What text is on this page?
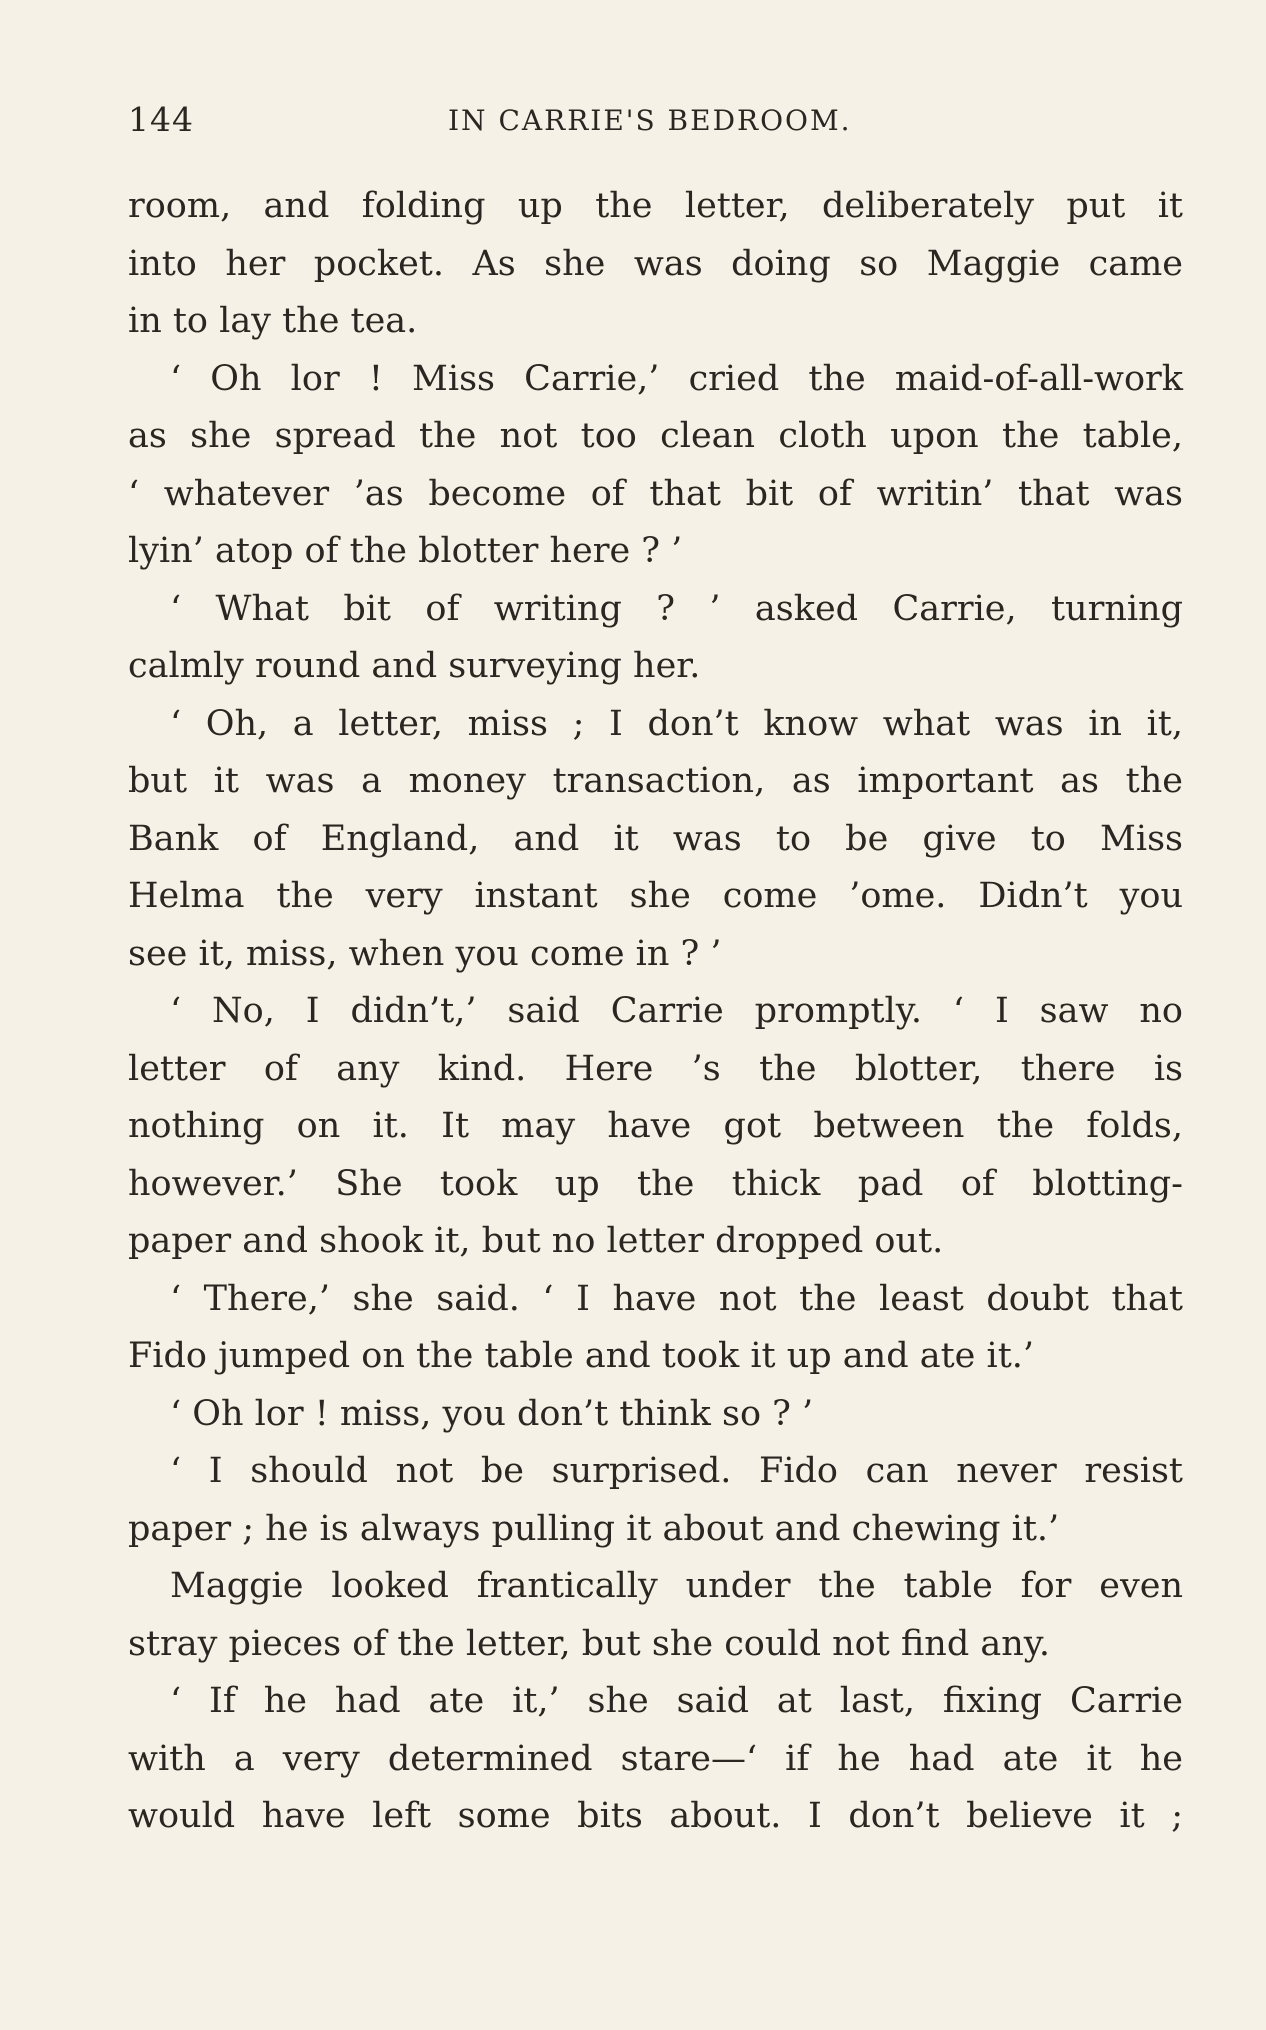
144	IN CARRIE'S BEDROOM.
room, and folding up the letter, deliberately put it
into her pocket. As she was doing so Maggie came
in to lay the tea.
‘ Oh lor ! Miss Carrie,’ cried the maid-of-all-work
as she spread the not too clean cloth upon the table,
‘ whatever ’as become of that bit of writin’ that was
lyin’ atop of the blotter here ? ’
‘ What bit of writing ? ’ asked Carrie, turning
calmly round and surveying her.
‘ Oh, a letter, miss ; I don’t know what was in it,
but it was a money transaction, as important as the
Bank of England, and it was to be give to Miss
Helma the very instant she come ’ome. Didn’t you
see it, miss, when you come in ? ’
‘ No, I didn’t,’ said Carrie promptly. ‘ I saw no
letter of any kind. Here ’s the blotter, there is
nothing on it. It may have got between the folds,
however.’ She took up the thick pad of blotting-
paper and shook it, but no letter dropped out.
‘ There,’ she said. ‘ I have not the least doubt that
Fido jumped on the table and took it up and ate it.’
‘ Oh lor ! miss, you don’t think so ? ’
‘ I should not be surprised. Fido can never resist
paper ; he is always pulling it about and chewing it.’
Maggie looked frantically under the table for even
stray pieces of the letter, but she could not find any.
‘ If he had ate it,’ she said at last, fixing Carrie
with a very determined stare—‘ if he had ate it he
would have left some bits about. I don’t believe it ;
